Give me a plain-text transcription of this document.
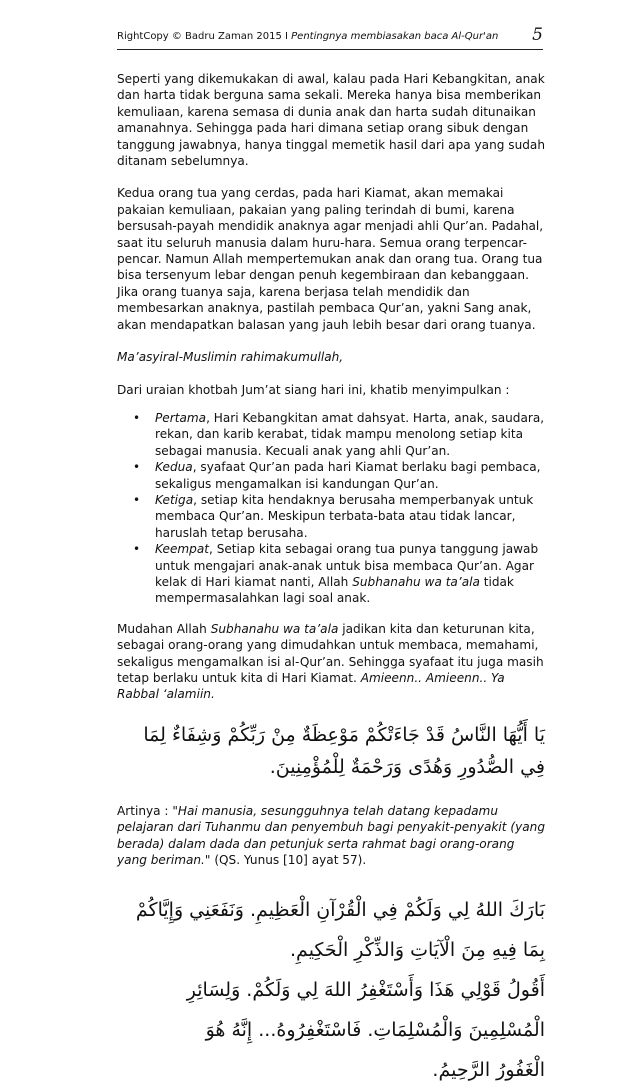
RightCopy © Badru Zaman 2015 I Pentingnya membiasakan baca Al-Qur'an 5

Seperti yang dikemukakan di awal, kalau pada Hari Kebangkitan, anak dan harta tidak berguna sama sekali. Mereka hanya bisa memberikan kemuliaan, karena semasa di dunia anak dan harta sudah ditunaikan amanahnya. Sehingga pada hari dimana setiap orang sibuk dengan tanggung jawabnya, hanya tinggal memetik hasil dari apa yang sudah ditanam sebelumnya.

Kedua orang tua yang cerdas, pada hari Kiamat, akan memakai pakaian kemuliaan, pakaian yang paling terindah di bumi, karena bersusah-payah mendidik anaknya agar menjadi ahli Qur’an. Padahal, saat itu seluruh manusia dalam huru-hara. Semua orang terpencar-pencar. Namun Allah mempertemukan anak dan orang tua. Orang tua bisa tersenyum lebar dengan penuh kegembiraan dan kebanggaan. Jika orang tuanya saja, karena berjasa telah mendidik dan membesarkan anaknya, pastilah pembaca Qur’an, yakni Sang anak, akan mendapatkan balasan yang jauh lebih besar dari orang tuanya.

Ma’asyiral-Muslimin rahimakumullah,

Dari uraian khotbah Jum’at siang hari ini, khatib menyimpulkan :

• Pertama, Hari Kebangkitan amat dahsyat. Harta, anak, saudara, rekan, dan karib kerabat, tidak mampu menolong setiap kita sebagai manusia. Kecuali anak yang ahli Qur’an.
• Kedua, syafaat Qur’an pada hari Kiamat berlaku bagi pembaca, sekaligus mengamalkan isi kandungan Qur’an.
• Ketiga, setiap kita hendaknya berusaha memperbanyak untuk membaca Qur’an. Meskipun terbata-bata atau tidak lancar, haruslah tetap berusaha.
• Keempat, Setiap kita sebagai orang tua punya tanggung jawab untuk mengajari anak-anak untuk bisa membaca Qur’an. Agar kelak di Hari kiamat nanti, Allah Subhanahu wa ta’ala tidak mempermasalahkan lagi soal anak.

Mudahan Allah Subhanahu wa ta’ala jadikan kita dan keturunan kita, sebagai orang-orang yang dimudahkan untuk membaca, memahami, sekaligus mengamalkan isi al-Qur’an. Sehingga syafaat itu juga masih tetap berlaku untuk kita di Hari Kiamat. Amieenn.. Amieenn.. Ya Rabbal ‘alamiin.

يَا أَيُّهَا النَّاسُ قَدْ جَاءَتْكُمْ مَوْعِظَةٌ مِنْ رَبِّكُمْ وَشِفَاءٌ لِمَا فِي الصُّدُورِ وَهُدًى وَرَحْمَةٌ لِلْمُؤْمِنِينَ.

Artinya : "Hai manusia, sesungguhnya telah datang kepadamu pelajaran dari Tuhanmu dan penyembuh bagi penyakit-penyakit (yang berada) dalam dada dan petunjuk serta rahmat bagi orang-orang yang beriman." (QS. Yunus [10] ayat 57).

بَارَكَ اللهُ لِي وَلَكُمْ فِي الْقُرْآنِ الْعَظِيمِ. وَنَفَعَنِي وَإِيَّاكُمْ بِمَا فِيهِ مِنَ الْآيَاتِ وَالذِّكْرِ الْحَكِيمِ.
أَقُولُ قَوْلِي هَذَا وَأَسْتَغْفِرُ اللهَ لِي وَلَكُمْ. وَلِسَائِرِ الْمُسْلِمِينَ وَالْمُسْلِمَاتِ. فَاسْتَغْفِرُوهُ... إِنَّهُ هُوَ
الْغَفُورُ الرَّحِيمُ.
